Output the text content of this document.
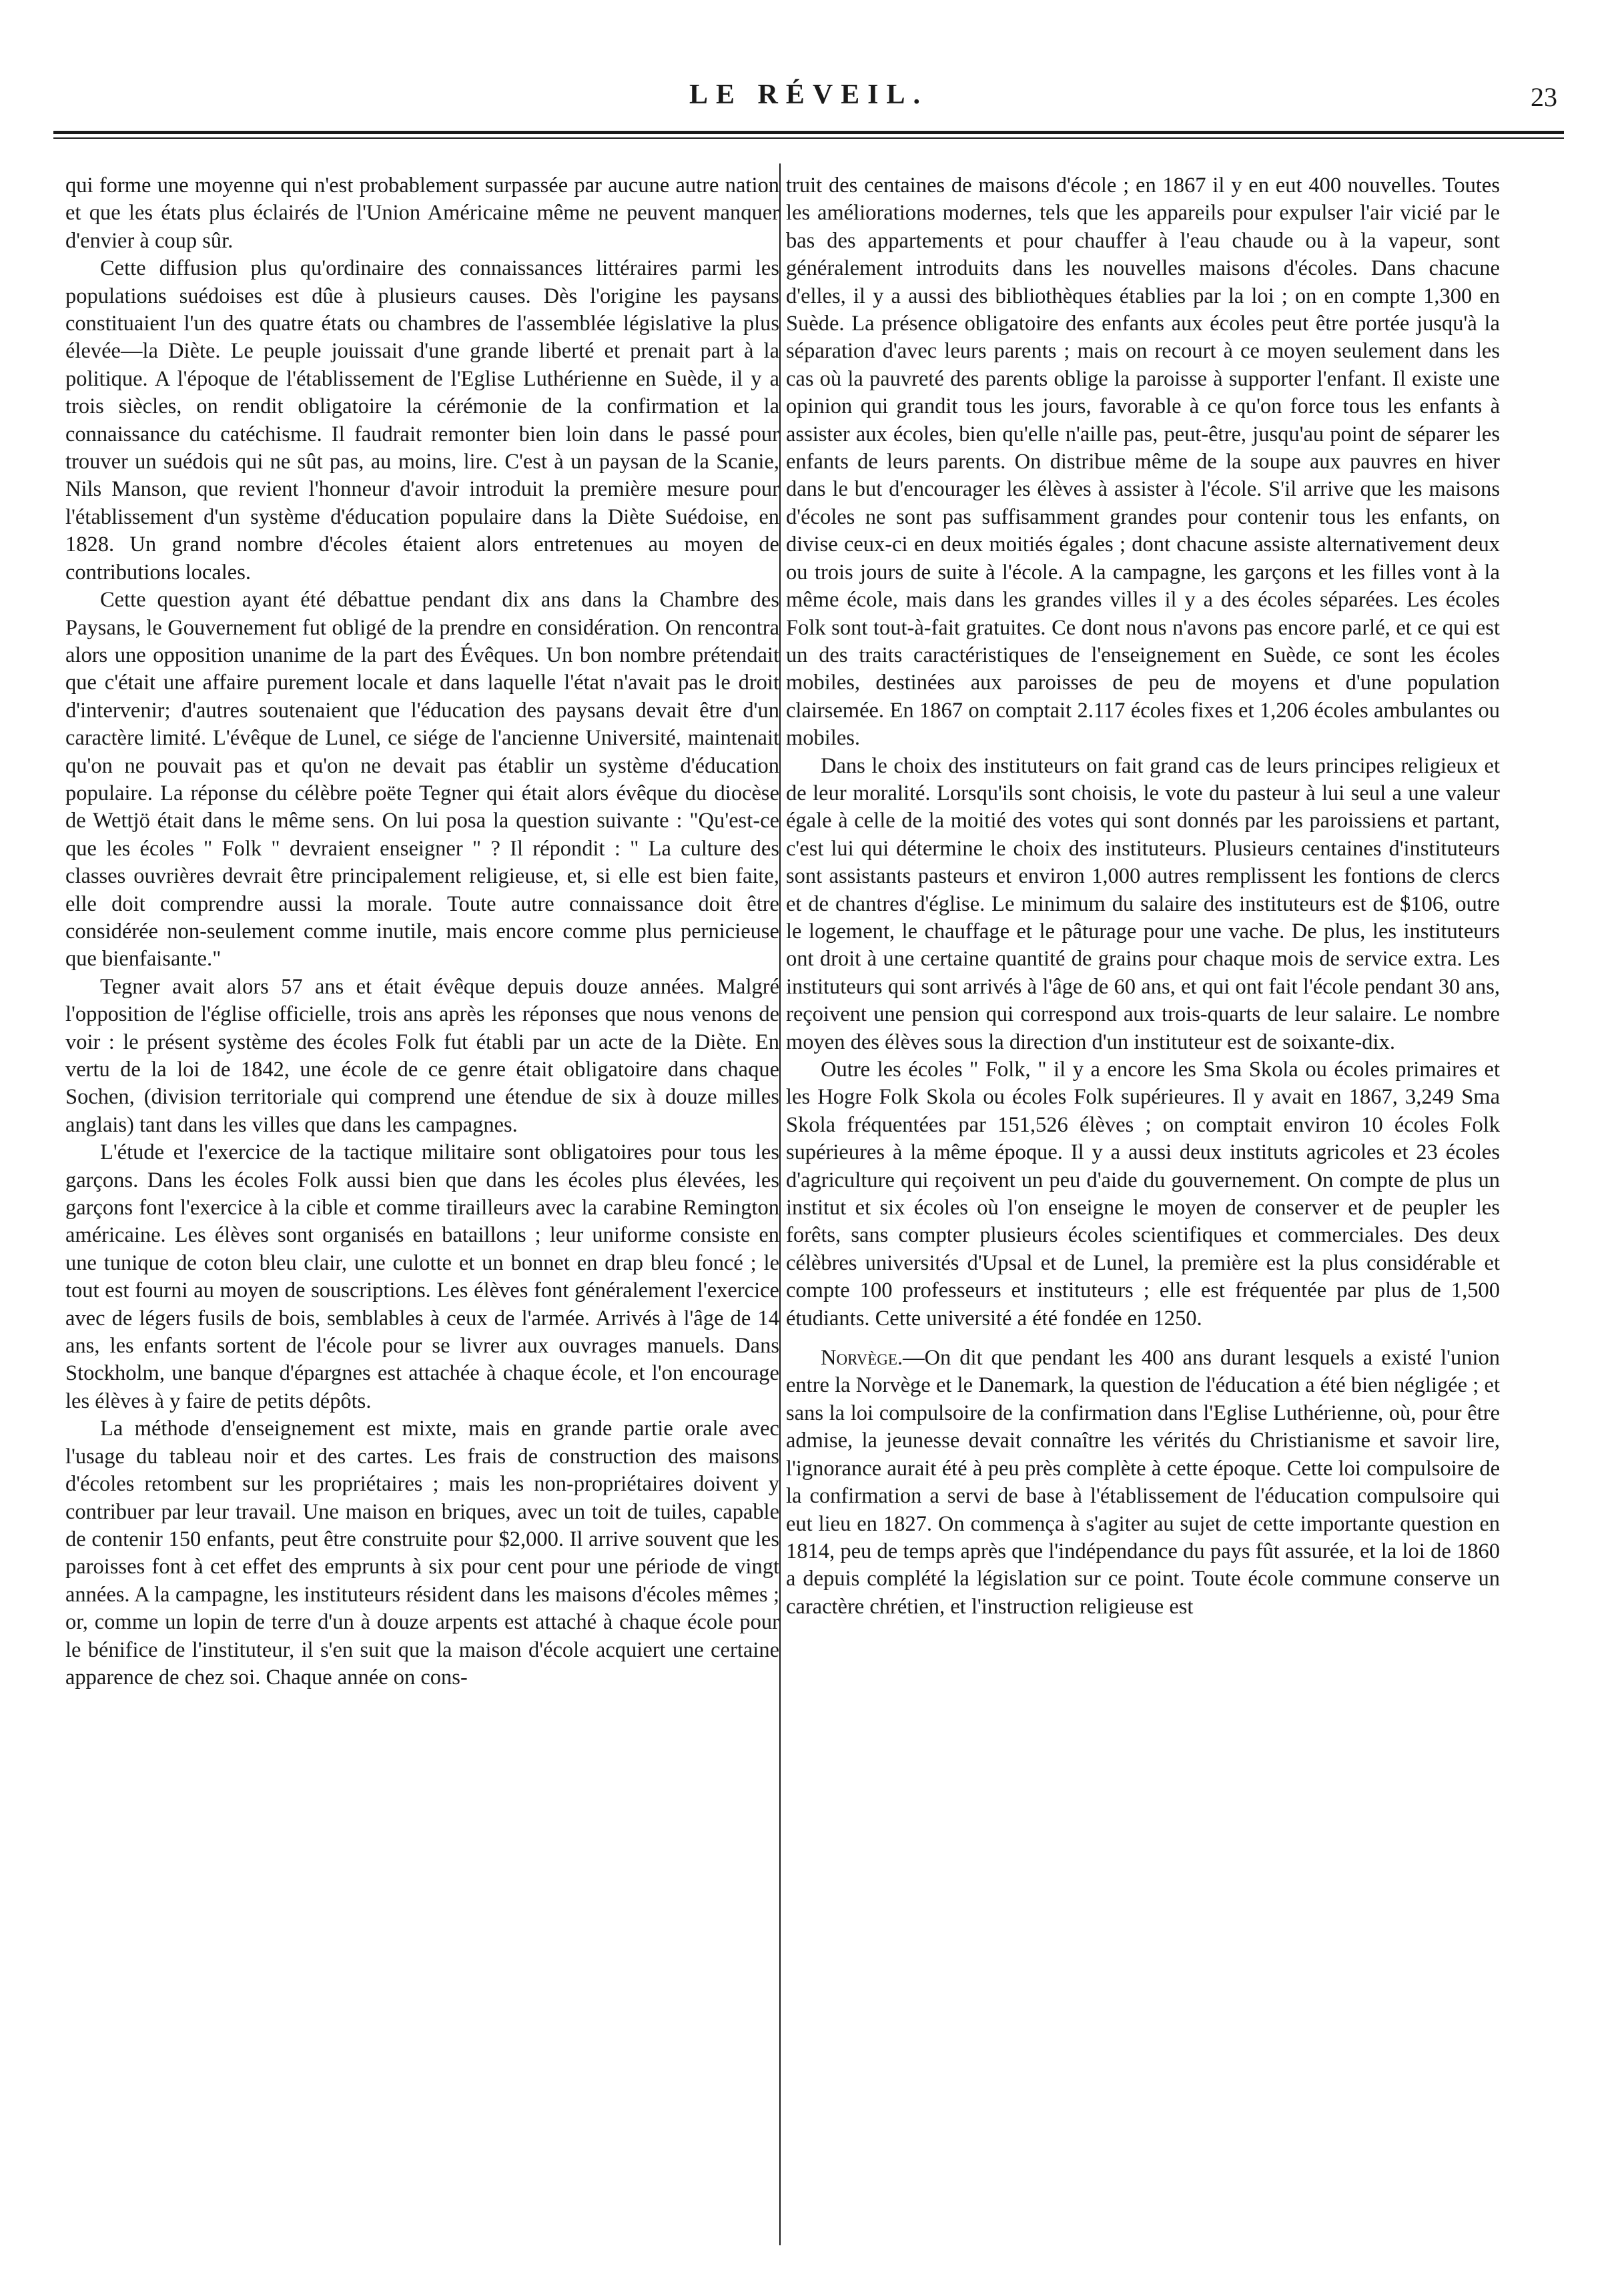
LE RÉVEIL.	23

qui forme une moyenne qui n'est probablement surpassée par aucune autre nation et que les états plus éclairés de l'Union Américaine même ne peuvent manquer d'envier à coup sûr.

Cette diffusion plus qu'ordinaire des connaissances littéraires parmi les populations suédoises est dûe à plusieurs causes. Dès l'origine les paysans constituaient l'un des quatre états ou chambres de l'assemblée législative la plus élevée—la Diète. Le peuple jouissait d'une grande liberté et prenait part à la politique. A l'époque de l'établissement de l'Eglise Luthérienne en Suède, il y a trois siècles, on rendit obligatoire la cérémonie de la confirmation et la connaissance du catéchisme. Il faudrait remonter bien loin dans le passé pour trouver un suédois qui ne sût pas, au moins, lire. C'est à un paysan de la Scanie, Nils Manson, que revient l'honneur d'avoir introduit la première mesure pour l'établissement d'un système d'éducation populaire dans la Diète Suédoise, en 1828. Un grand nombre d'écoles étaient alors entretenues au moyen de contributions locales.

Cette question ayant été débattue pendant dix ans dans la Chambre des Paysans, le Gouvernement fut obligé de la prendre en considération. On rencontra alors une opposition unanime de la part des Évêques. Un bon nombre prétendait que c'était une affaire purement locale et dans laquelle l'état n'avait pas le droit d'intervenir; d'autres soutenaient que l'éducation des paysans devait être d'un caractère limité. L'évêque de Lunel, ce siége de l'ancienne Université, maintenait qu'on ne pouvait pas et qu'on ne devait pas établir un système d'éducation populaire. La réponse du célèbre poëte Tegner qui était alors évêque du diocèse de Wettjö était dans le même sens. On lui posa la question suivante : "Qu'est-ce que les écoles " Folk " devraient enseigner " ? Il répondit : " La culture des classes ouvrières devrait être principalement religieuse, et, si elle est bien faite, elle doit comprendre aussi la morale. Toute autre connaissance doit être considérée non-seulement comme inutile, mais encore comme plus pernicieuse que bienfaisante."

Tegner avait alors 57 ans et était évêque depuis douze années. Malgré l'opposition de l'église officielle, trois ans après les réponses que nous venons de voir : le présent système des écoles Folk fut établi par un acte de la Diète. En vertu de la loi de 1842, une école de ce genre était obligatoire dans chaque Sochen, (division territoriale qui comprend une étendue de six à douze milles anglais) tant dans les villes que dans les campagnes.

L'étude et l'exercice de la tactique militaire sont obligatoires pour tous les garçons. Dans les écoles Folk aussi bien que dans les écoles plus élevées, les garçons font l'exercice à la cible et comme tirailleurs avec la carabine Remington américaine. Les élèves sont organisés en bataillons ; leur uniforme consiste en une tunique de coton bleu clair, une culotte et un bonnet en drap bleu foncé ; le tout est fourni au moyen de souscriptions. Les élèves font généralement l'exercice avec de légers fusils de bois, semblables à ceux de l'armée. Arrivés à l'âge de 14 ans, les enfants sortent de l'école pour se livrer aux ouvrages manuels. Dans Stockholm, une banque d'épargnes est attachée à chaque école, et l'on encourage les élèves à y faire de petits dépôts.

La méthode d'enseignement est mixte, mais en grande partie orale avec l'usage du tableau noir et des cartes. Les frais de construction des maisons d'écoles retombent sur les propriétaires ; mais les non-propriétaires doivent y contribuer par leur travail. Une maison en briques, avec un toit de tuiles, capable de contenir 150 enfants, peut être construite pour $2,000. Il arrive souvent que les paroisses font à cet effet des emprunts à six pour cent pour une période de vingt années. A la campagne, les instituteurs résident dans les maisons d'écoles mêmes ; or, comme un lopin de terre d'un à douze arpents est attaché à chaque école pour le bénifice de l'instituteur, il s'en suit que la maison d'école acquiert une certaine apparence de chez soi. Chaque année on cons-

truit des centaines de maisons d'école ; en 1867 il y en eut 400 nouvelles. Toutes les améliorations modernes, tels que les appareils pour expulser l'air vicié par le bas des appartements et pour chauffer à l'eau chaude ou à la vapeur, sont généralement introduits dans les nouvelles maisons d'écoles. Dans chacune d'elles, il y a aussi des bibliothèques établies par la loi ; on en compte 1,300 en Suède. La présence obligatoire des enfants aux écoles peut être portée jusqu'à la séparation d'avec leurs parents ; mais on recourt à ce moyen seulement dans les cas où la pauvreté des parents oblige la paroisse à supporter l'enfant. Il existe une opinion qui grandit tous les jours, favorable à ce qu'on force tous les enfants à assister aux écoles, bien qu'elle n'aille pas, peut-être, jusqu'au point de séparer les enfants de leurs parents. On distribue même de la soupe aux pauvres en hiver dans le but d'encourager les élèves à assister à l'école. S'il arrive que les maisons d'écoles ne sont pas suffisamment grandes pour contenir tous les enfants, on divise ceux-ci en deux moitiés égales ; dont chacune assiste alternativement deux ou trois jours de suite à l'école. A la campagne, les garçons et les filles vont à la même école, mais dans les grandes villes il y a des écoles séparées. Les écoles Folk sont tout-à-fait gratuites. Ce dont nous n'avons pas encore parlé, et ce qui est un des traits caractéristiques de l'enseignement en Suède, ce sont les écoles mobiles, destinées aux paroisses de peu de moyens et d'une population clairsemée. En 1867 on comptait 2.117 écoles fixes et 1,206 écoles ambulantes ou mobiles.

Dans le choix des instituteurs on fait grand cas de leurs principes religieux et de leur moralité. Lorsqu'ils sont choisis, le vote du pasteur à lui seul a une valeur égale à celle de la moitié des votes qui sont donnés par les paroissiens et partant, c'est lui qui détermine le choix des instituteurs. Plusieurs centaines d'instituteurs sont assistants pasteurs et environ 1,000 autres remplissent les fontions de clercs et de chantres d'église. Le minimum du salaire des instituteurs est de $106, outre le logement, le chauffage et le pâturage pour une vache. De plus, les instituteurs ont droit à une certaine quantité de grains pour chaque mois de service extra. Les instituteurs qui sont arrivés à l'âge de 60 ans, et qui ont fait l'école pendant 30 ans, reçoivent une pension qui correspond aux trois-quarts de leur salaire. Le nombre moyen des élèves sous la direction d'un instituteur est de soixante-dix.

Outre les écoles " Folk, " il y a encore les Sma Skola ou écoles primaires et les Hogre Folk Skola ou écoles Folk supérieures. Il y avait en 1867, 3,249 Sma Skola fréquentées par 151,526 élèves ; on comptait environ 10 écoles Folk supérieures à la même époque. Il y a aussi deux instituts agricoles et 23 écoles d'agriculture qui reçoivent un peu d'aide du gouvernement. On compte de plus un institut et six écoles où l'on enseigne le moyen de conserver et de peupler les forêts, sans compter plusieurs écoles scientifiques et commerciales. Des deux célèbres universités d'Upsal et de Lunel, la première est la plus considérable et compte 100 professeurs et instituteurs ; elle est fréquentée par plus de 1,500 étudiants. Cette université a été fondée en 1250.

Norvège.—On dit que pendant les 400 ans durant lesquels a existé l'union entre la Norvège et le Danemark, la question de l'éducation a été bien négligée ; et sans la loi compulsoire de la confirmation dans l'Eglise Luthérienne, où, pour être admise, la jeunesse devait connaître les vérités du Christianisme et savoir lire, l'ignorance aurait été à peu près complète à cette époque. Cette loi compulsoire de la confirmation a servi de base à l'établissement de l'éducation compulsoire qui eut lieu en 1827. On commença à s'agiter au sujet de cette importante question en 1814, peu de temps après que l'indépendance du pays fût assurée, et la loi de 1860 a depuis complété la législation sur ce point. Toute école commune conserve un caractère chrétien, et l'instruction religieuse est
